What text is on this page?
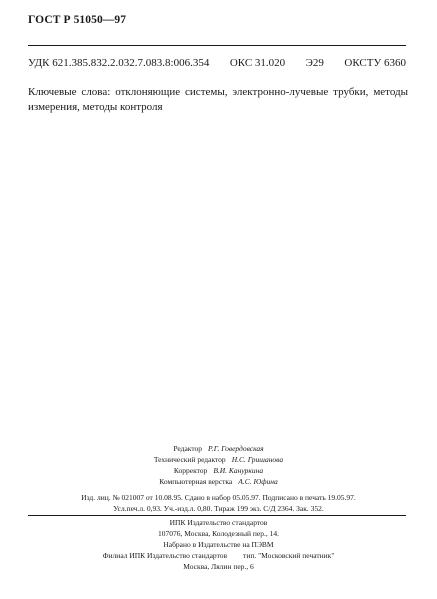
ГОСТ Р 51050—97
УДК 621.385.832.2.032.7.083.8:006.354 ОКС 31.020 Э29 ОКСТУ 6360
Ключевые слова: отклоняющие системы, электронно-лучевые трубки, методы измерения, методы контроля
Редактор Р.Г. Говердовская
Технический редактор Н.С. Гришанова
Корректор В.И. Кануркина
Компьютерная верстка А.С. Юфина
Изд. лиц. № 021007 от 10.08.95. Сдано в набор 05.05.97. Подписано в печать 19.05.97.
Усл.печ.л. 0,93. Уч.-изд.л. 0,80. Тираж 199 экз. С/Д 2364. Зак. 352.
ИПК Издательство стандартов
107076, Москва, Колодезный пер., 14.
Набрано в Издательстве на ПЭВМ
Филиал ИПК Издательство стандартов тип. "Московский печатник"
Москва, Лялин пер., 6
